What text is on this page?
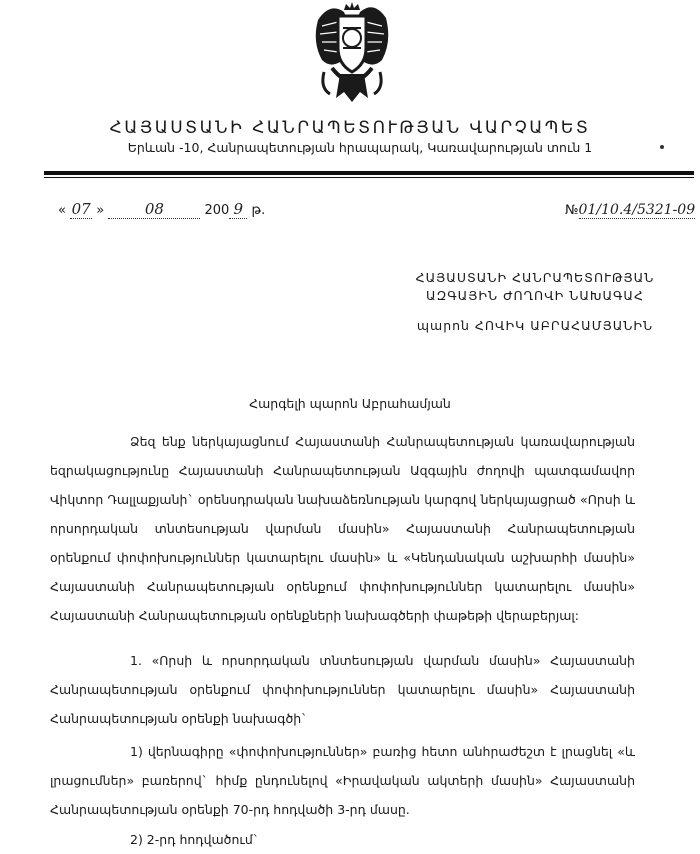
ՀԱՅԱՍՏԱՆԻ ՀԱՆՐԱՊԵՏՈՒԹՅԱՆ ՎԱՐՉԱՊԵՏ
Երևան -10, Հանրապետության հրապարակ, Կառավարության տուն 1
« 07 »	08	200 9 թ.	№01/10.4/5321-09
ՀԱՅԱՍՏԱՆԻ ՀԱՆՐԱՊԵՏՈՒԹՅԱՆ
ԱԶԳԱՅԻՆ ԺՈՂՈՎԻ ՆԱԽԱԳԱՀ
պարոն ՀՈՎԻԿ ԱԲՐԱՀԱՄՅԱՆԻՆ
Հարգելի պարոն Աբրահամյան

Ձեզ ենք ներկայացնում Հայաստանի Հանրապետության կառավարության եզրակացությունը Հայաստանի Հանրապետության Ազգային ժողովի պատգամավոր Վիկտոր Դալլաքյանի` օրենսդրական նախաձեռնության կարգով ներկայացրած «Որսի և որսորդական տնտեսության վարման մասին» Հայաստանի Հանրապետության օրենքում փոփոխություններ կատարելու մասին» և «Կենդանական աշխարհի մասին» Հայաստանի Հանրապետության օրենքում փոփոխություններ կատարելու մասին» Հայաստանի Հանրապետության օրենքների նախագծերի փաթեթի վերաբերյալ:

1. «Որսի և որսորդական տնտեսության վարման մասին» Հայաստանի Հանրապետության օրենքում փոփոխություններ կատարելու մասին» Հայաստանի Հանրապետության օրենքի նախագծի`

1) վերնագիրը «փոփոխություններ» բառից հետո անհրաժեշտ է լրացնել «և լրացումներ» բառերով` հիմք ընդունելով «Իրավական ակտերի մասին» Հայաստանի Հանրապետության օրենքի 70-րդ հոդվածի 3-րդ մասը.

2) 2-րդ հոդվածում`
